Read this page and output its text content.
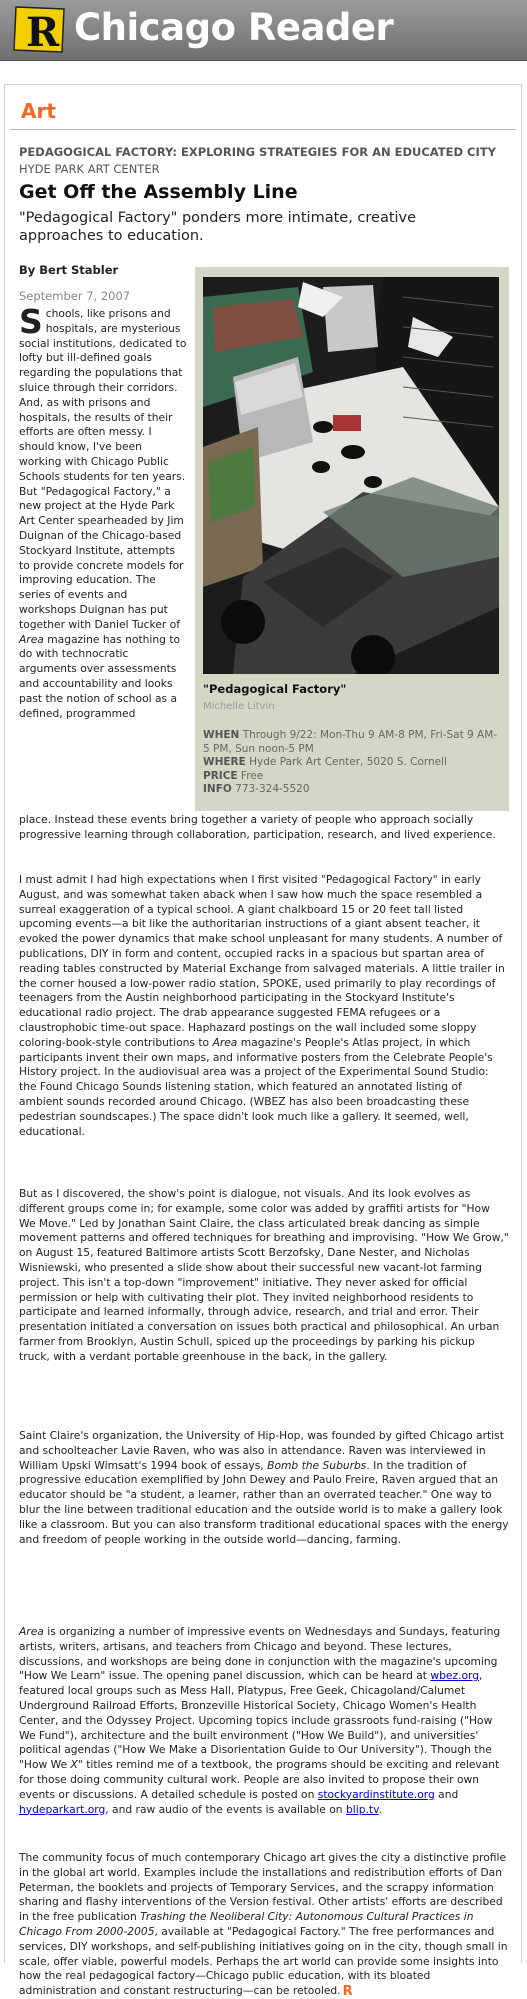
R Chicago Reader
Art
PEDAGOGICAL FACTORY: EXPLORING STRATEGIES FOR AN EDUCATED CITY
HYDE PARK ART CENTER
Get Off the Assembly Line

"Pedagogical Factory" ponders more intimate, creative approaches to education.

By Bert Stabler
September 7, 2007
"Pedagogical Factory"
Michelle Litvin

WHEN Through 9/22: Mon-Thu 9 AM-8 PM, Fri-Sat 9 AM-5 PM, Sun noon-5 PM

WHERE Hyde Park Art Center, 5020 S. Cornell

PRICE Free

INFO 773-324-5520

Schools, like prisons and hospitals, are mysterious social institutions, dedicated to lofty but ill-defined goals regarding the populations that sluice through their corridors. And, as with prisons and hospitals, the results of their efforts are often messy. I should know, I've been working with Chicago Public Schools students for ten years. But "Pedagogical Factory," a new project at the Hyde Park Art Center spearheaded by Jim Duignan of the Chicago-based Stockyard Institute, attempts to provide concrete models for improving education. The series of events and workshops Duignan has put together with Daniel Tucker of Area magazine has nothing to do with technocratic arguments over assessments and accountability and looks past the notion of school as a defined, programmed

place. Instead these events bring together a variety of people who approach socially progressive learning through collaboration, participation, research, and lived experience.

I must admit I had high expectations when I first visited "Pedagogical Factory" in early August, and was somewhat taken aback when I saw how much the space resembled a surreal exaggeration of a typical school. A giant chalkboard 15 or 20 feet tall listed upcoming events—a bit like the authoritarian instructions of a giant absent teacher, it evoked the power dynamics that make school unpleasant for many students. A number of publications, DIY in form and content, occupied racks in a spacious but spartan area of reading tables constructed by Material Exchange from salvaged materials. A little trailer in the corner housed a low-power radio station, SPOKE, used primarily to play recordings of teenagers from the Austin neighborhood participating in the Stockyard Institute's educational radio project. The drab appearance suggested FEMA refugees or a claustrophobic time-out space. Haphazard postings on the wall included some sloppy coloring-book-style contributions to Area magazine's People's Atlas project, in which participants invent their own maps, and informative posters from the Celebrate People's History project. In the audiovisual area was a project of the Experimental Sound Studio: the Found Chicago Sounds listening station, which featured an annotated listing of ambient sounds recorded around Chicago. (WBEZ has also been broadcasting these pedestrian soundscapes.) The space didn't look much like a gallery. It seemed, well, educational.

But as I discovered, the show's point is dialogue, not visuals. And its look evolves as different groups come in; for example, some color was added by graffiti artists for "How We Move." Led by Jonathan Saint Claire, the class articulated break dancing as simple movement patterns and offered techniques for breathing and improvising. "How We Grow," on August 15, featured Baltimore artists Scott Berzofsky, Dane Nester, and Nicholas Wisniewski, who presented a slide show about their successful new vacant-lot farming project. This isn't a top-down "improvement" initiative. They never asked for official permission or help with cultivating their plot. They invited neighborhood residents to participate and learned informally, through advice, research, and trial and error. Their presentation initiated a conversation on issues both practical and philosophical. An urban farmer from Brooklyn, Austin Schull, spiced up the proceedings by parking his pickup truck, with a verdant portable greenhouse in the back, in the gallery.

Saint Claire's organization, the University of Hip-Hop, was founded by gifted Chicago artist and schoolteacher Lavie Raven, who was also in attendance. Raven was interviewed in William Upski Wimsatt's 1994 book of essays, Bomb the Suburbs. In the tradition of progressive education exemplified by John Dewey and Paulo Freire, Raven argued that an educator should be "a student, a learner, rather than an overrated teacher." One way to blur the line between traditional education and the outside world is to make a gallery look like a classroom. But you can also transform traditional educational spaces with the energy and freedom of people working in the outside world—dancing, farming.

Area is organizing a number of impressive events on Wednesdays and Sundays, featuring artists, writers, artisans, and teachers from Chicago and beyond. These lectures, discussions, and workshops are being done in conjunction with the magazine's upcoming "How We Learn" issue. The opening panel discussion, which can be heard at wbez.org, featured local groups such as Mess Hall, Platypus, Free Geek, Chicagoland/Calumet Underground Railroad Efforts, Bronzeville Historical Society, Chicago Women's Health Center, and the Odyssey Project. Upcoming topics include grassroots fund-raising ("How We Fund"), architecture and the built environment ("How We Build"), and universities' political agendas ("How We Make a Disorientation Guide to Our University"). Though the "How We X" titles remind me of a textbook, the programs should be exciting and relevant for those doing community cultural work. People are also invited to propose their own events or discussions. A detailed schedule is posted on stockyardinstitute.org and hydeparkart.org, and raw audio of the events is available on blip.tv.

The community focus of much contemporary Chicago art gives the city a distinctive profile in the global art world. Examples include the installations and redistribution efforts of Dan Peterman, the booklets and projects of Temporary Services, and the scrappy information sharing and flashy interventions of the Version festival. Other artists' efforts are described in the free publication Trashing the Neoliberal City: Autonomous Cultural Practices in Chicago From 2000-2005, available at "Pedagogical Factory." The free performances and services, DIY workshops, and self-publishing initiatives going on in the city, though small in scale, offer viable, powerful models. Perhaps the art world can provide some insights into how the real pedagogical factory—Chicago public education, with its bloated administration and constant restructuring—can be retooled. R
